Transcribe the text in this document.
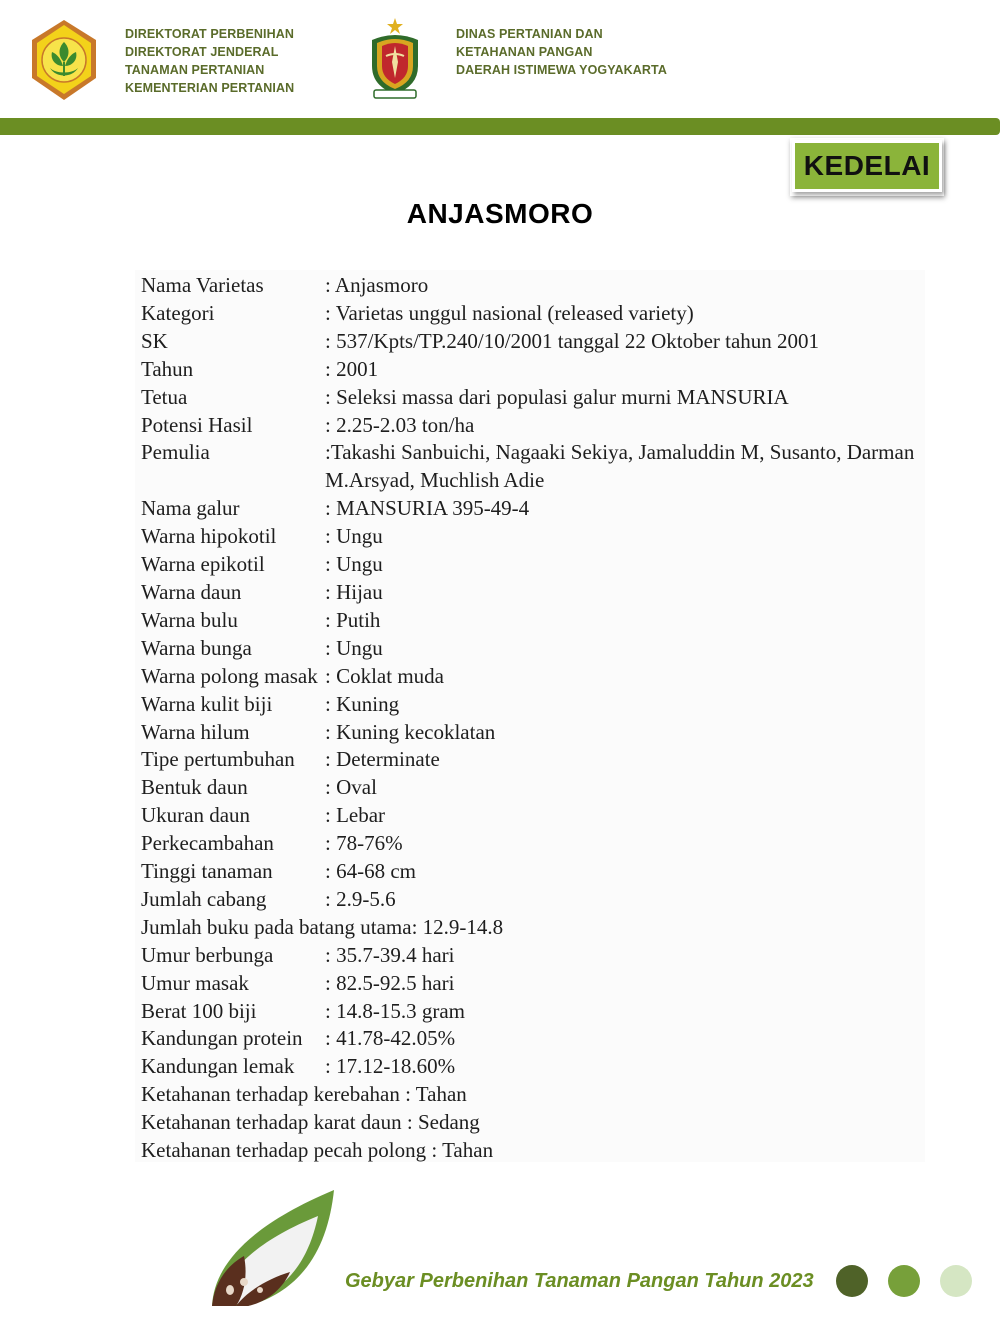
DIREKTORAT PERBENIHAN
DIREKTORAT JENDERAL
TANAMAN PERTANIAN
KEMENTERIAN PERTANIAN
DINAS PERTANIAN DAN
KETAHANAN PANGAN
DAERAH ISTIMEWA YOGYAKARTA
KEDELAI
ANJASMORO
Nama Varietas	: Anjasmoro
Kategori	: Varietas unggul nasional (released variety)
SK	: 537/Kpts/TP.240/10/2001 tanggal 22 Oktober tahun 2001
Tahun	: 2001
Tetua	: Seleksi massa dari populasi galur murni MANSURIA
Potensi Hasil	: 2.25-2.03 ton/ha
Pemulia	:Takashi Sanbuichi, Nagaaki Sekiya, Jamaluddin M, Susanto, Darman M.Arsyad, Muchlish Adie
Nama galur	: MANSURIA 395-49-4
Warna hipokotil	: Ungu
Warna epikotil	: Ungu
Warna daun	: Hijau
Warna bulu	: Putih
Warna bunga	: Ungu
Warna polong masak : Coklat muda
Warna kulit biji	: Kuning
Warna hilum	: Kuning kecoklatan
Tipe pertumbuhan	: Determinate
Bentuk daun	: Oval
Ukuran daun	: Lebar
Perkecambahan	: 78-76%
Tinggi tanaman	: 64-68 cm
Jumlah cabang	: 2.9-5.6
Jumlah buku pada batang utama: 12.9-14.8
Umur berbunga	: 35.7-39.4 hari
Umur masak	: 82.5-92.5 hari
Berat 100 biji	: 14.8-15.3 gram
Kandungan protein	: 41.78-42.05%
Kandungan lemak	: 17.12-18.60%
Ketahanan terhadap kerebahan : Tahan
Ketahanan terhadap karat daun : Sedang
Ketahanan terhadap pecah polong : Tahan
Gebyar Perbenihan Tanaman Pangan Tahun 2023
